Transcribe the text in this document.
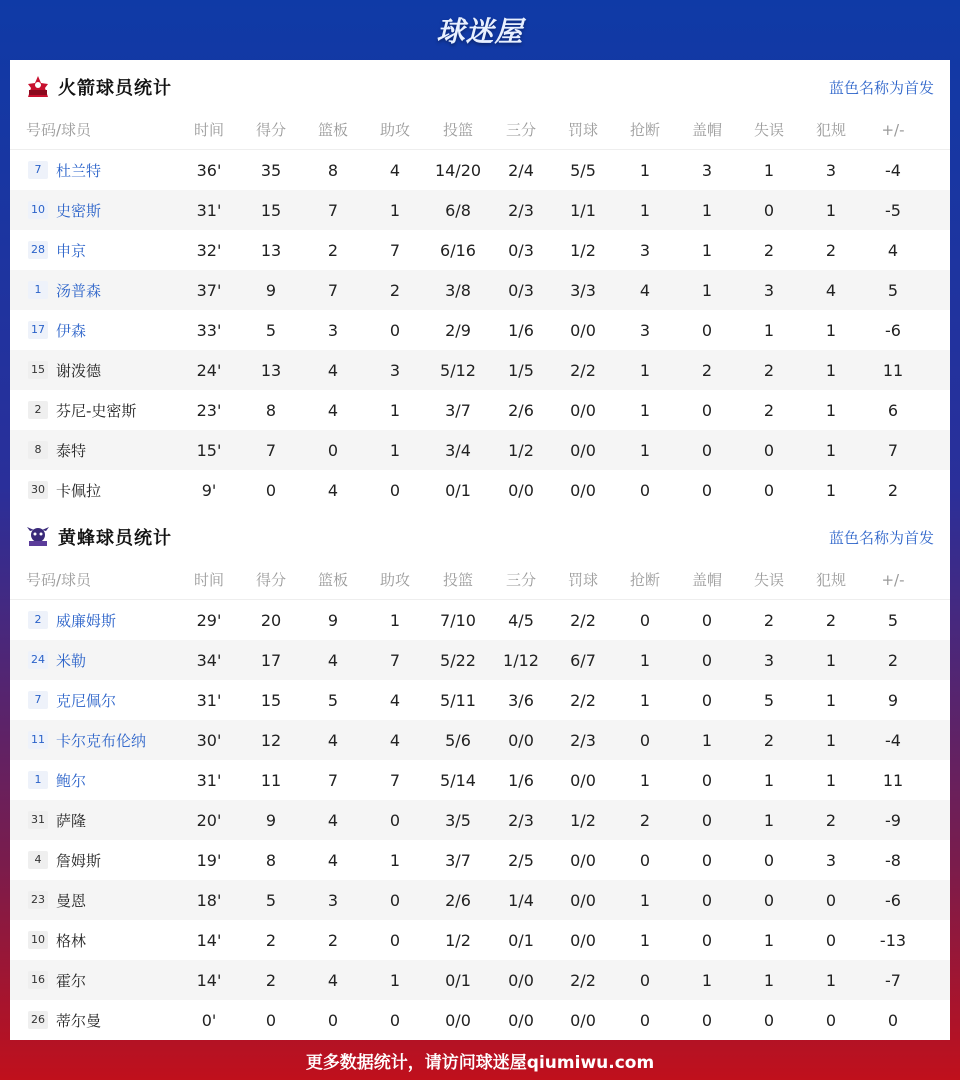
球迷屋
火箭球员统计	蓝色名称为首发
号码/球员	时间	得分	篮板	助攻	投篮	三分	罚球	抢断	盖帽	失误	犯规	+/-
7 杜兰特	36'	35	8	4	14/20	2/4	5/5	1	3	1	3	-4
10 史密斯	31'	15	7	1	6/8	2/3	1/1	1	1	0	1	-5
28 申京	32'	13	2	7	6/16	0/3	1/2	3	1	2	2	4
1 汤普森	37'	9	7	2	3/8	0/3	3/3	4	1	3	4	5
17 伊森	33'	5	3	0	2/9	1/6	0/0	3	0	1	1	-6
15 谢泼德	24'	13	4	3	5/12	1/5	2/2	1	2	2	1	11
2 芬尼-史密斯	23'	8	4	1	3/7	2/6	0/0	1	0	2	1	6
8 泰特	15'	7	0	1	3/4	1/2	0/0	1	0	0	1	7
30 卡佩拉	9'	0	4	0	0/1	0/0	0/0	0	0	0	1	2
黄蜂球员统计	蓝色名称为首发
号码/球员	时间	得分	篮板	助攻	投篮	三分	罚球	抢断	盖帽	失误	犯规	+/-
2 威廉姆斯	29'	20	9	1	7/10	4/5	2/2	0	0	2	2	5
24 米勒	34'	17	4	7	5/22	1/12	6/7	1	0	3	1	2
7 克尼佩尔	31'	15	5	4	5/11	3/6	2/2	1	0	5	1	9
11 卡尔克布伦纳	30'	12	4	4	5/6	0/0	2/3	0	1	2	1	-4
1 鲍尔	31'	11	7	7	5/14	1/6	0/0	1	0	1	1	11
31 萨隆	20'	9	4	0	3/5	2/3	1/2	2	0	1	2	-9
4 詹姆斯	19'	8	4	1	3/7	2/5	0/0	0	0	0	3	-8
23 曼恩	18'	5	3	0	2/6	1/4	0/0	1	0	0	0	-6
10 格林	14'	2	2	0	1/2	0/1	0/0	1	0	1	0	-13
16 霍尔	14'	2	4	1	0/1	0/0	2/2	0	1	1	1	-7
26 蒂尔曼	0'	0	0	0	0/0	0/0	0/0	0	0	0	0	0
更多数据统计，请访问球迷屋qiumiwu.com
